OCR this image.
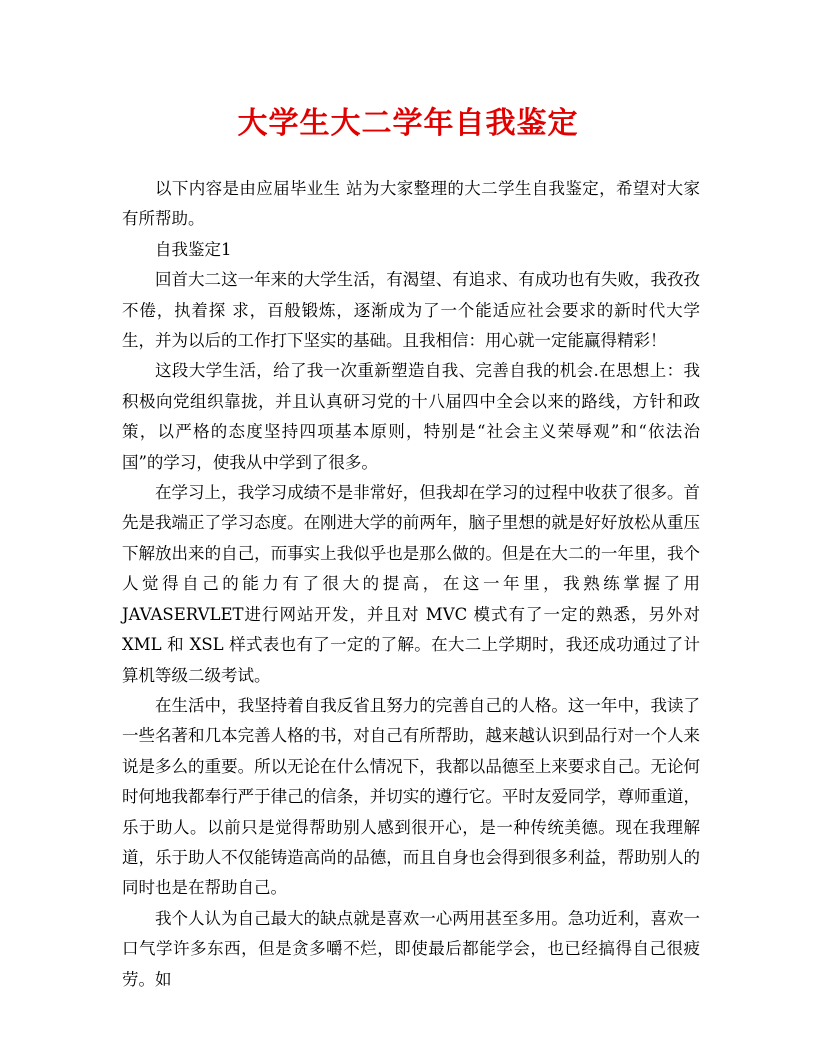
大学生大二学年自我鉴定

以下内容是由应届毕业生 站为大家整理的大二学生自我鉴定，希望对大家有所帮助。

自我鉴定1

回首大二这一年来的大学生活，有渴望、有追求、有成功也有失败，我孜孜不倦，执着探 求，百般锻炼，逐渐成为了一个能适应社会要求的新时代大学生，并为以后的工作打下坚实的基础。且我相信：用心就一定能赢得精彩！

这段大学生活，给了我一次重新塑造自我、完善自我的机会.在思想上：我积极向党组织靠拢，并且认真研习党的十八届四中全会以来的路线，方针和政策，以严格的态度坚持四项基本原则，特别是“社会主义荣辱观”和“依法治国”的学习，使我从中学到了很多。

在学习上，我学习成绩不是非常好，但我却在学习的过程中收获了很多。首先是我端正了学习态度。在刚进大学的前两年，脑子里想的就是好好放松从重压下解放出来的自己，而事实上我似乎也是那么做的。但是在大二的一年里，我个人觉得自己的能力有了很大的提高，在这一年里，我熟练掌握了用 JAVASERVLET进行网站开发，并且对 MVC 模式有了一定的熟悉，另外对 XML 和 XSL 样式表也有了一定的了解。在大二上学期时，我还成功通过了计算机等级二级考试。

在生活中，我坚持着自我反省且努力的完善自己的人格。这一年中，我读了一些名著和几本完善人格的书，对自己有所帮助，越来越认识到品行对一个人来说是多么的重要。所以无论在什么情况下，我都以品德至上来要求自己。无论何时何地我都奉行严于律己的信条，并切实的遵行它。平时友爱同学，尊师重道，乐于助人。以前只是觉得帮助别人感到很开心，是一种传统美德。现在我理解道，乐于助人不仅能铸造高尚的品德，而且自身也会得到很多利益，帮助别人的同时也是在帮助自己。

我个人认为自己最大的缺点就是喜欢一心两用甚至多用。急功近利，喜欢一口气学许多东西，但是贪多嚼不烂，即使最后都能学会，也已经搞得自己很疲劳。如
